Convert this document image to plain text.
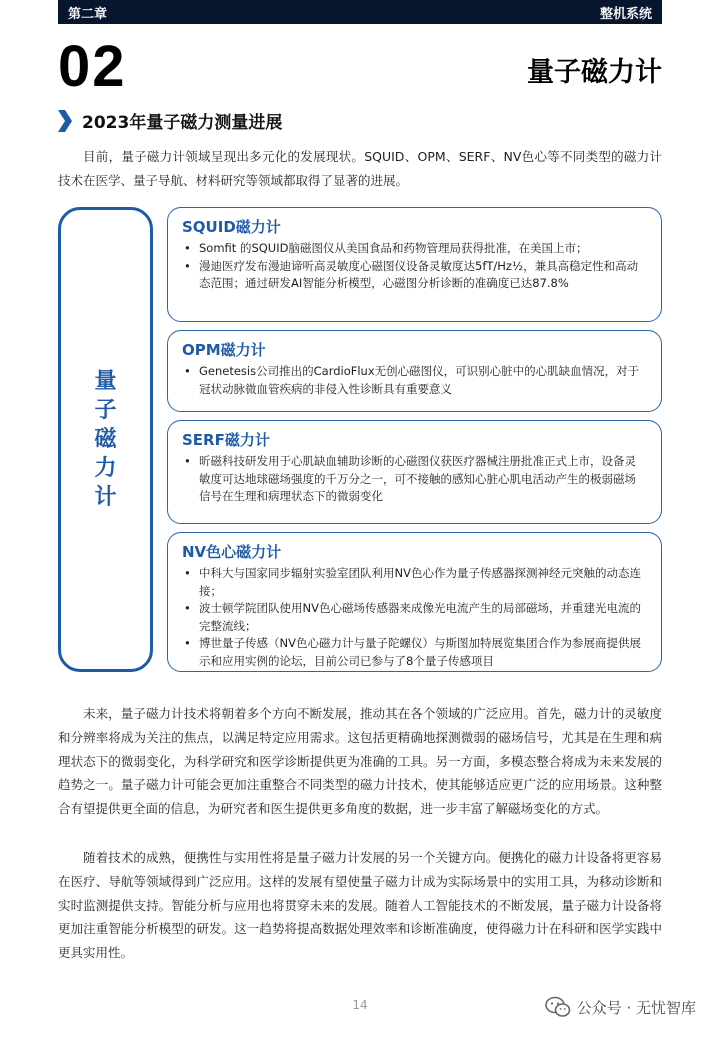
第二章	整机系统
02	量子磁力计
2023年量子磁力测量进展

目前，量子磁力计领域呈现出多元化的发展现状。SQUID、OPM、SERF、NV色心等不同类型的磁力计技术在医学、量子导航、材料研究等领域都取得了显著的进展。

量子磁力计
SQUID磁力计
• Somfit 的SQUID脑磁图仪从美国食品和药物管理局获得批准，在美国上市；
• 漫迪医疗发布漫迪谛听高灵敏度心磁图仪设备灵敏度达5fT/Hz½，兼具高稳定性和高动态范围；通过研发AI智能分析模型，心磁图分析诊断的准确度已达87.8%
OPM磁力计
• Genetesis公司推出的CardioFlux无创心磁图仪，可识别心脏中的心肌缺血情况，对于冠状动脉微血管疾病的非侵入性诊断具有重要意义
SERF磁力计
• 昕磁科技研发用于心肌缺血辅助诊断的心磁图仪获医疗器械注册批准正式上市，设备灵敏度可达地球磁场强度的千万分之一，可不接触的感知心脏心肌电活动产生的极弱磁场信号在生理和病理状态下的微弱变化
NV色心磁力计
• 中科大与国家同步辐射实验室团队利用NV色心作为量子传感器探测神经元突触的动态连接；
• 波士顿学院团队使用NV色心磁场传感器来成像光电流产生的局部磁场，并重建光电流的完整流线；
• 博世量子传感（NV色心磁力计与量子陀螺仪）与斯图加特展览集团合作为参展商提供展示和应用实例的论坛，目前公司已参与了8个量子传感项目

未来，量子磁力计技术将朝着多个方向不断发展，推动其在各个领域的广泛应用。首先，磁力计的灵敏度和分辨率将成为关注的焦点，以满足特定应用需求。这包括更精确地探测微弱的磁场信号，尤其是在生理和病理状态下的微弱变化，为科学研究和医学诊断提供更为准确的工具。另一方面，多模态整合将成为未来发展的趋势之一。量子磁力计可能会更加注重整合不同类型的磁力计技术，使其能够适应更广泛的应用场景。这种整合有望提供更全面的信息，为研究者和医生提供更多角度的数据，进一步丰富了解磁场变化的方式。

随着技术的成熟，便携性与实用性将是量子磁力计发展的另一个关键方向。便携化的磁力计设备将更容易在医疗、导航等领域得到广泛应用。这样的发展有望使量子磁力计成为实际场景中的实用工具，为移动诊断和实时监测提供支持。智能分析与应用也将贯穿未来的发展。随着人工智能技术的不断发展，量子磁力计设备将更加注重智能分析模型的研发。这一趋势将提高数据处理效率和诊断准确度，使得磁力计在科研和医学实践中更具实用性。

14	公众号 · 无忧智库
